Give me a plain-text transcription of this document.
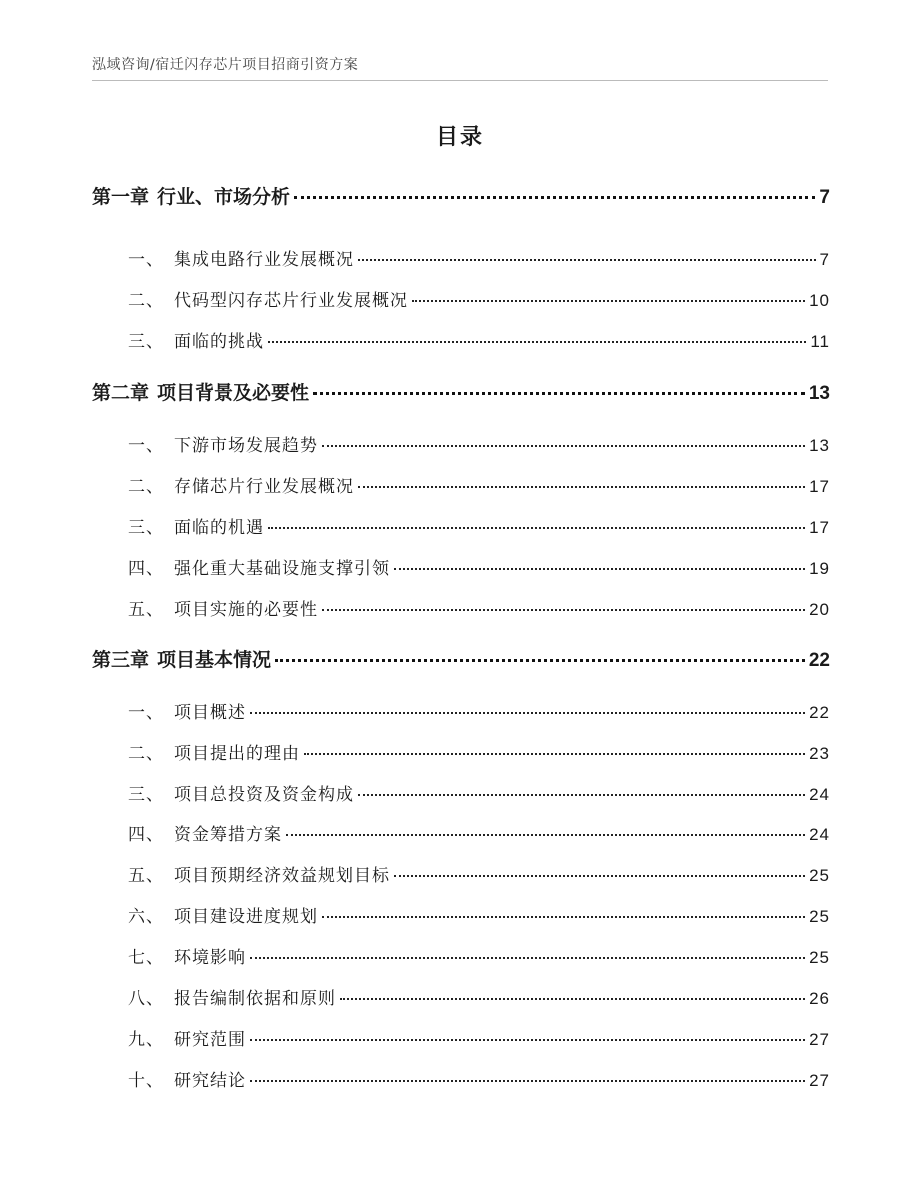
泓域咨询/宿迁闪存芯片项目招商引资方案
目录
第一章 行业、市场分析	7
一、 集成电路行业发展概况	7
二、 代码型闪存芯片行业发展概况	10
三、 面临的挑战	11
第二章 项目背景及必要性	13
一、 下游市场发展趋势	13
二、 存储芯片行业发展概况	17
三、 面临的机遇	17
四、 强化重大基础设施支撑引领	19
五、 项目实施的必要性	20
第三章 项目基本情况	22
一、 项目概述	22
二、 项目提出的理由	23
三、 项目总投资及资金构成	24
四、 资金筹措方案	24
五、 项目预期经济效益规划目标	25
六、 项目建设进度规划	25
七、 环境影响	25
八、 报告编制依据和原则	26
九、 研究范围	27
十、 研究结论	27
